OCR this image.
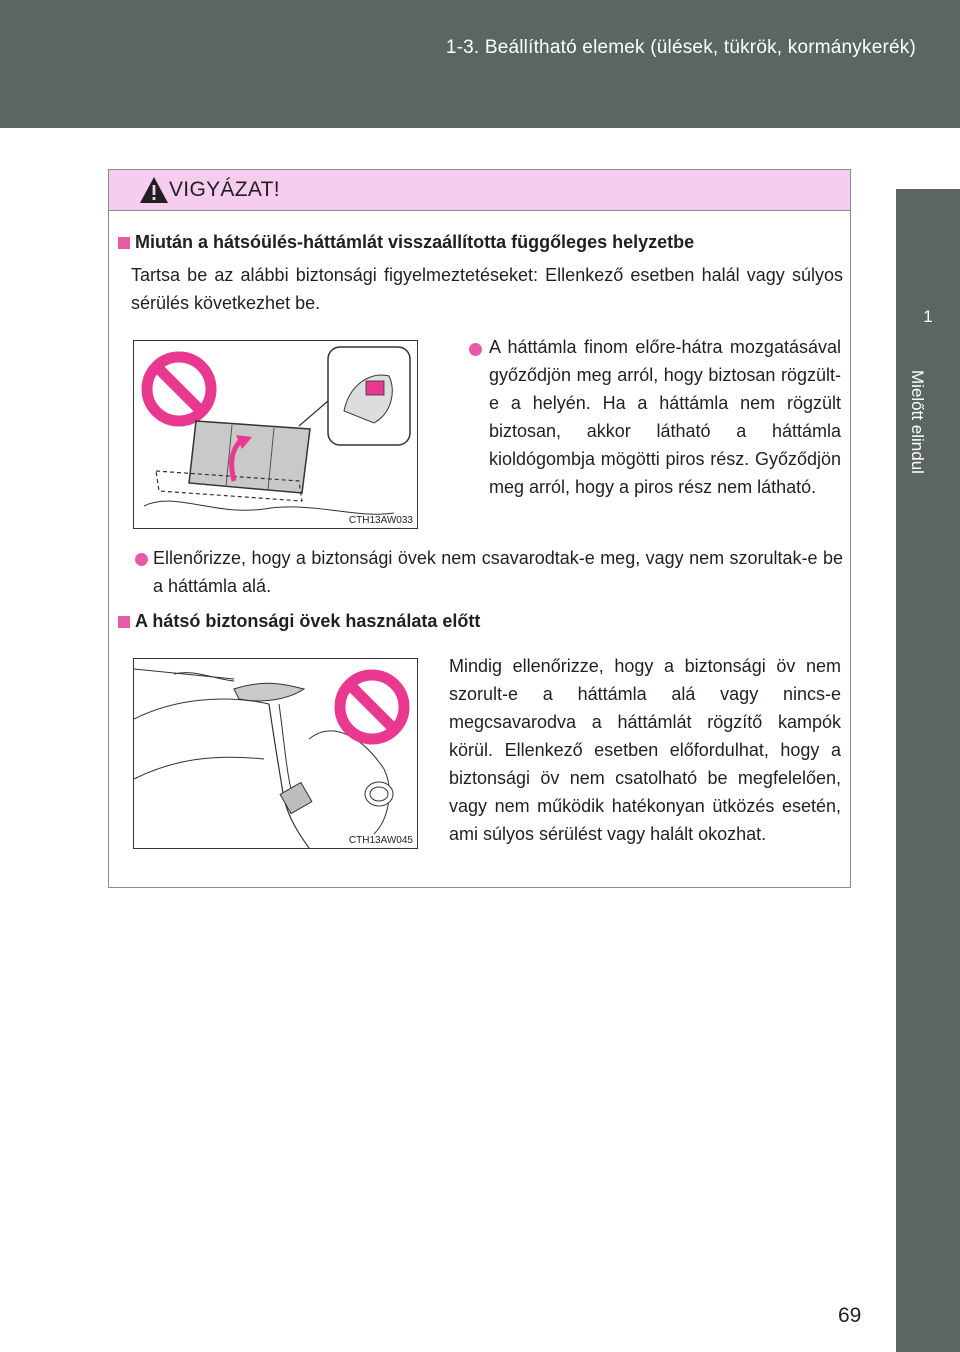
1-3. Beállítható elemek (ülések, tükrök, kormánykerék)
1
Mielőtt elindul
VIGYÁZAT!
Miután a hátsóülés-háttámlát visszaállította függőleges helyzetbe
Tartsa be az alábbi biztonsági figyelmeztetéseket: Ellenkező esetben halál vagy súlyos sérülés következhet be.
CTH13AW033
A háttámla finom előre-hátra mozgatásával győződjön meg arról, hogy biztosan rögzült-e a helyén. Ha a háttámla nem rögzült biztosan, akkor látható a háttámla kioldógombja mögötti piros rész. Győződjön meg arról, hogy a piros rész nem látható.
Ellenőrizze, hogy a biztonsági övek nem csavarodtak-e meg, vagy nem szorultak-e be a háttámla alá.
A hátsó biztonsági övek használata előtt
CTH13AW045
Mindig ellenőrizze, hogy a biztonsági öv nem szorult-e a háttámla alá vagy nincs-e megcsavarodva a háttámlát rögzítő kampók körül. Ellenkező esetben előfordulhat, hogy a biztonsági öv nem csatolható be megfelelően, vagy nem működik hatékonyan ütközés esetén, ami súlyos sérülést vagy halált okozhat.
69
